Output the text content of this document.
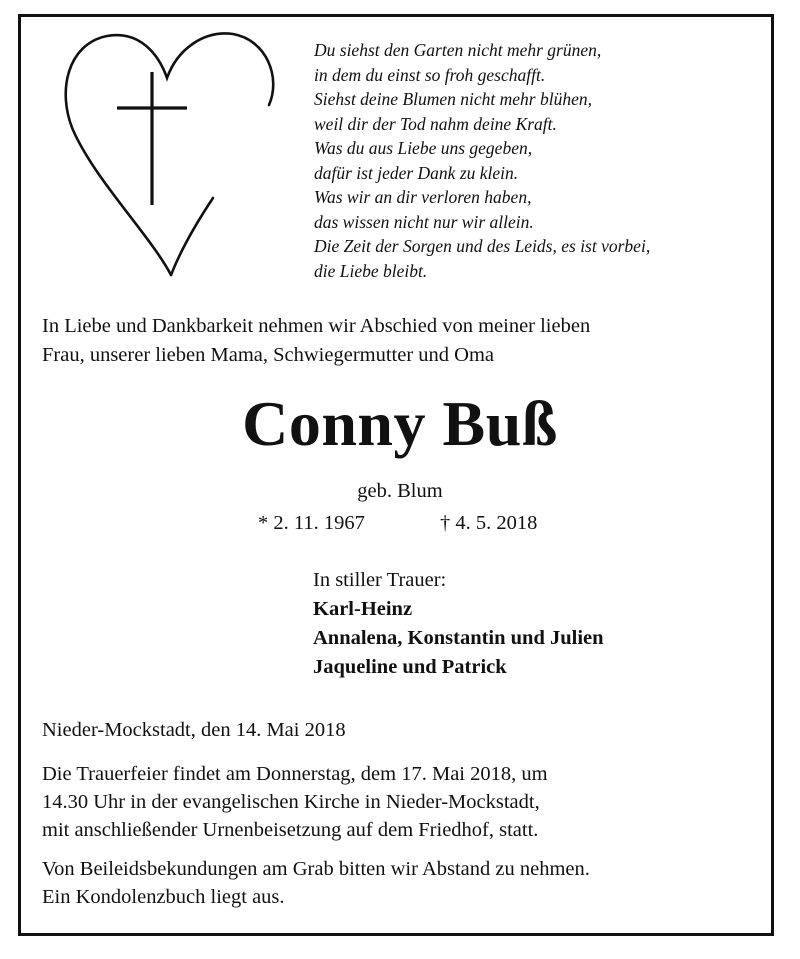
Du siehst den Garten nicht mehr grünen,
in dem du einst so froh geschafft.
Siehst deine Blumen nicht mehr blühen,
weil dir der Tod nahm deine Kraft.
Was du aus Liebe uns gegeben,
dafür ist jeder Dank zu klein.
Was wir an dir verloren haben,
das wissen nicht nur wir allein.
Die Zeit der Sorgen und des Leids, es ist vorbei,
die Liebe bleibt.
In Liebe und Dankbarkeit nehmen wir Abschied von meiner lieben
Frau, unserer lieben Mama, Schwiegermutter und Oma
Conny Buß
geb. Blum
* 2. 11. 1967	† 4. 5. 2018
In stiller Trauer:
Karl-Heinz
Annalena, Konstantin und Julien
Jaqueline und Patrick
Nieder-Mockstadt, den 14. Mai 2018
Die Trauerfeier findet am Donnerstag, dem 17. Mai 2018, um
14.30 Uhr in der evangelischen Kirche in Nieder-Mockstadt,
mit anschließender Urnenbeisetzung auf dem Friedhof, statt.
Von Beileidsbekundungen am Grab bitten wir Abstand zu nehmen.
Ein Kondolenzbuch liegt aus.
